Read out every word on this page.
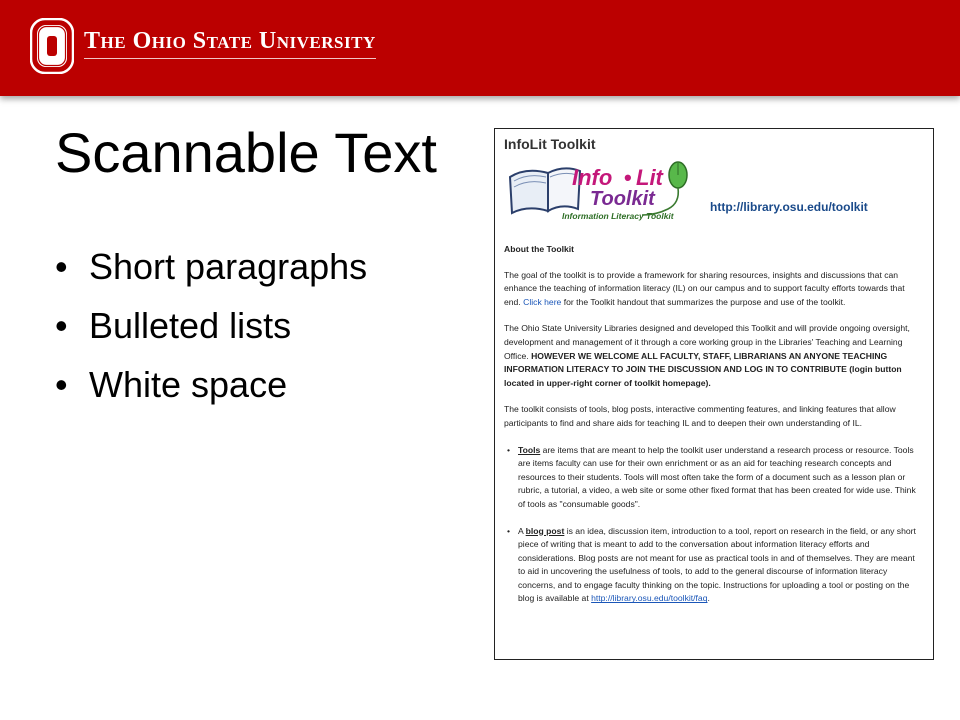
The Ohio State University
Scannable Text
• Short paragraphs
• Bulleted lists
• White space
InfoLit Toolkit
Info • Lit
Toolkit
Information Literacy Toolkit
http://library.osu.edu/toolkit
About the Toolkit

The goal of the toolkit is to provide a framework for sharing resources, insights and discussions that can enhance the teaching of information literacy (IL) on our campus and to support faculty efforts towards that end. Click here for the Toolkit handout that summarizes the purpose and use of the toolkit.

The Ohio State University Libraries designed and developed this Toolkit and will provide ongoing oversight, development and management of it through a core working group in the Libraries' Teaching and Learning Office. HOWEVER WE WELCOME ALL FACULTY, STAFF, LIBRARIANS AN ANYONE TEACHING INFORMATION LITERACY TO JOIN THE DISCUSSION AND LOG IN TO CONTRIBUTE (login button located in upper-right corner of toolkit homepage).

The toolkit consists of tools, blog posts, interactive commenting features, and linking features that allow participants to find and share aids for teaching IL and to deepen their own understanding of IL.

• Tools are items that are meant to help the toolkit user understand a research process or resource. Tools are items faculty can use for their own enrichment or as an aid for teaching research concepts and resources to their students. Tools will most often take the form of a document such as a lesson plan or rubric, a tutorial, a video, a web site or some other fixed format that has been created for wide use. Think of tools as "consumable goods".
• A blog post is an idea, discussion item, introduction to a tool, report on research in the field, or any short piece of writing that is meant to add to the conversation about information literacy efforts and considerations. Blog posts are not meant for use as practical tools in and of themselves. They are meant to aid in uncovering the usefulness of tools, to add to the general discourse of information literacy concerns, and to engage faculty thinking on the topic. Instructions for uploading a tool or posting on the blog is available at http://library.osu.edu/toolkit/faq.
